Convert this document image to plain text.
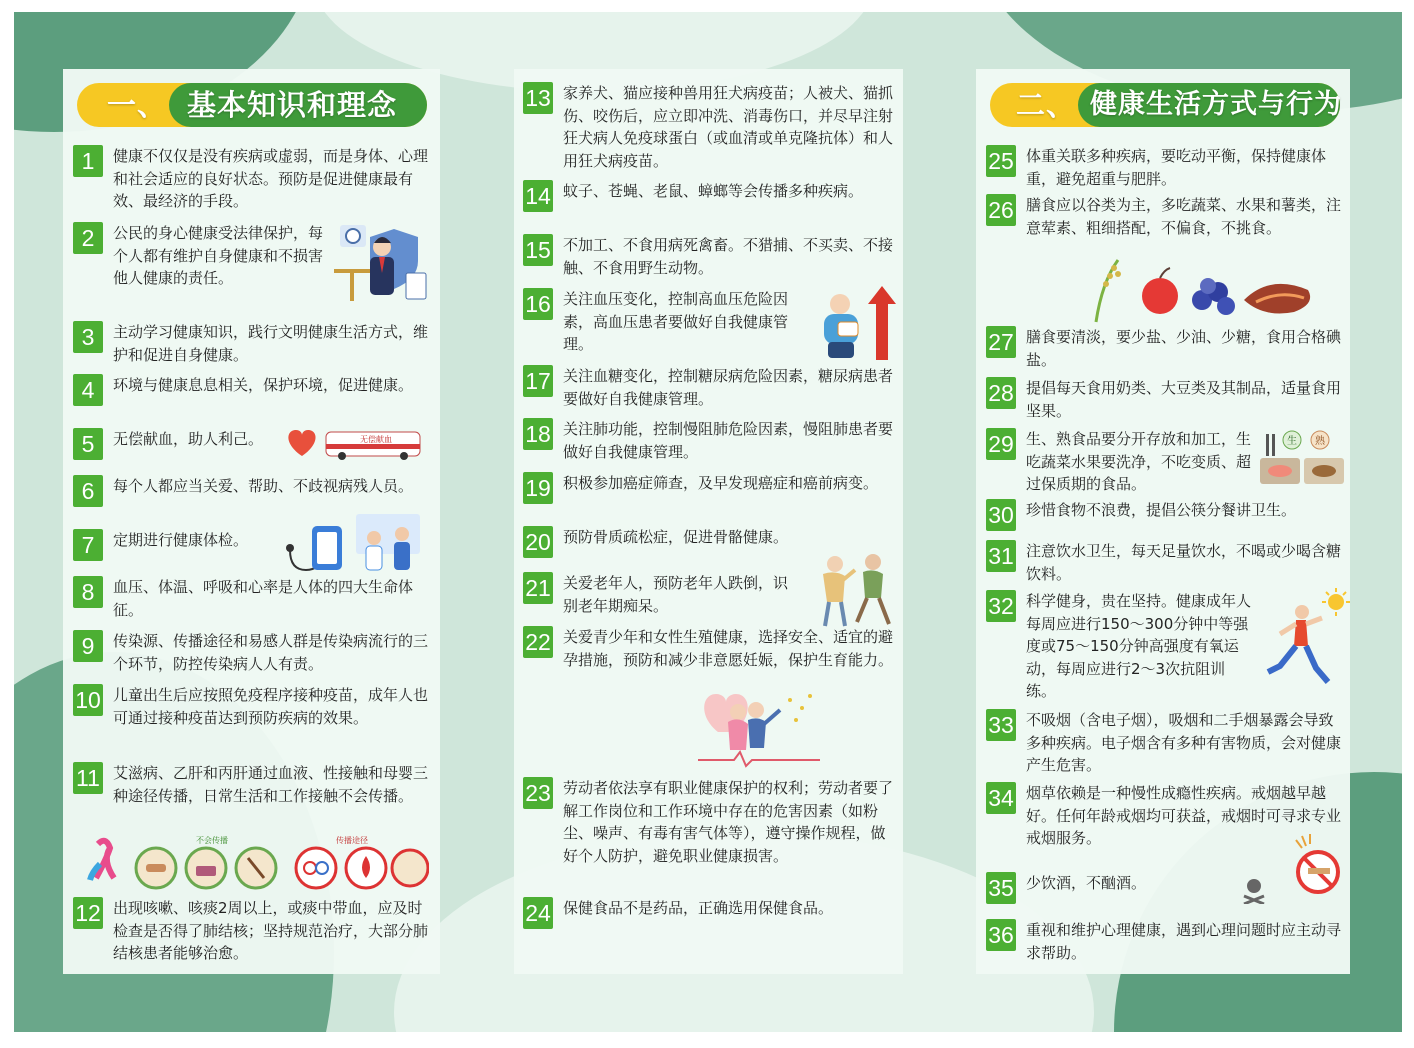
一、 基本知识和理念	二、 健康生活方式与行为
1	健康不仅仅是没有疾病或虚弱，而是身体、心理和社会适应的良好状态。预防是促进健康最有效、最经济的手段。
2	公民的身心健康受法律保护，每个人都有维护自身健康和不损害他人健康的责任。
3	主动学习健康知识，践行文明健康生活方式，维护和促进自身健康。
4	环境与健康息息相关，保护环境，促进健康。
5	无偿献血，助人利己。
6	每个人都应当关爱、帮助、不歧视病残人员。
7	定期进行健康体检。
8	血压、体温、呼吸和心率是人体的四大生命体征。
9	传染源、传播途径和易感人群是传染病流行的三个环节，防控传染病人人有责。
10 儿童出生后应按照免疫程序接种疫苗，成年人也可通过接种疫苗达到预防疾病的效果。
11 艾滋病、乙肝和丙肝通过血液、性接触和母婴三种途径传播，日常生活和工作接触不会传播。
12 出现咳嗽、咳痰2周以上，或痰中带血，应及时检查是否得了肺结核；坚持规范治疗，大部分肺结核患者能够治愈。
13 家养犬、猫应接种兽用狂犬病疫苗；人被犬、猫抓伤、咬伤后，应立即冲洗、消毒伤口，并尽早注射狂犬病人免疫球蛋白（或血清或单克隆抗体）和人用狂犬病疫苗。
14 蚊子、苍蝇、老鼠、蟑螂等会传播多种疾病。
15 不加工、不食用病死禽畜。不猎捕、不买卖、不接触、不食用野生动物。
16 关注血压变化，控制高血压危险因素，高血压患者要做好自我健康管理。
17 关注血糖变化，控制糖尿病危险因素，糖尿病患者要做好自我健康管理。
18 关注肺功能，控制慢阻肺危险因素，慢阻肺患者要做好自我健康管理。
19 积极参加癌症筛查，及早发现癌症和癌前病变。
20 预防骨质疏松症，促进骨骼健康。
21 关爱老年人，预防老年人跌倒，识别老年期痴呆。
22 关爱青少年和女性生殖健康，选择安全、适宜的避孕措施，预防和减少非意愿妊娠，保护生育能力。
23 劳动者依法享有职业健康保护的权利；劳动者要了解工作岗位和工作环境中存在的危害因素（如粉尘、噪声、有毒有害气体等），遵守操作规程，做好个人防护，避免职业健康损害。
24 保健食品不是药品，正确选用保健食品。
25 体重关联多种疾病，要吃动平衡，保持健康体重，避免超重与肥胖。
26 膳食应以谷类为主，多吃蔬菜、水果和薯类，注意荤素、粗细搭配，不偏食，不挑食。
27 膳食要清淡，要少盐、少油、少糖，食用合格碘盐。
28 提倡每天食用奶类、大豆类及其制品，适量食用坚果。
29 生、熟食品要分开存放和加工，生吃蔬菜水果要洗净，不吃变质、超过保质期的食品。
30 珍惜食物不浪费，提倡公筷分餐讲卫生。
31 注意饮水卫生，每天足量饮水，不喝或少喝含糖饮料。
32 科学健身，贵在坚持。健康成年人每周应进行150～300分钟中等强度或75～150分钟高强度有氧运动，每周应进行2～3次抗阻训练。
33 不吸烟（含电子烟），吸烟和二手烟暴露会导致多种疾病。电子烟含有多种有害物质，会对健康产生危害。
34 烟草依赖是一种慢性成瘾性疾病。戒烟越早越好。任何年龄戒烟均可获益，戒烟时可寻求专业戒烟服务。
35 少饮酒，不酗酒。
36 重视和维护心理健康，遇到心理问题时应主动寻求帮助。
无偿献血
不会传播	传播途径
生 熟
